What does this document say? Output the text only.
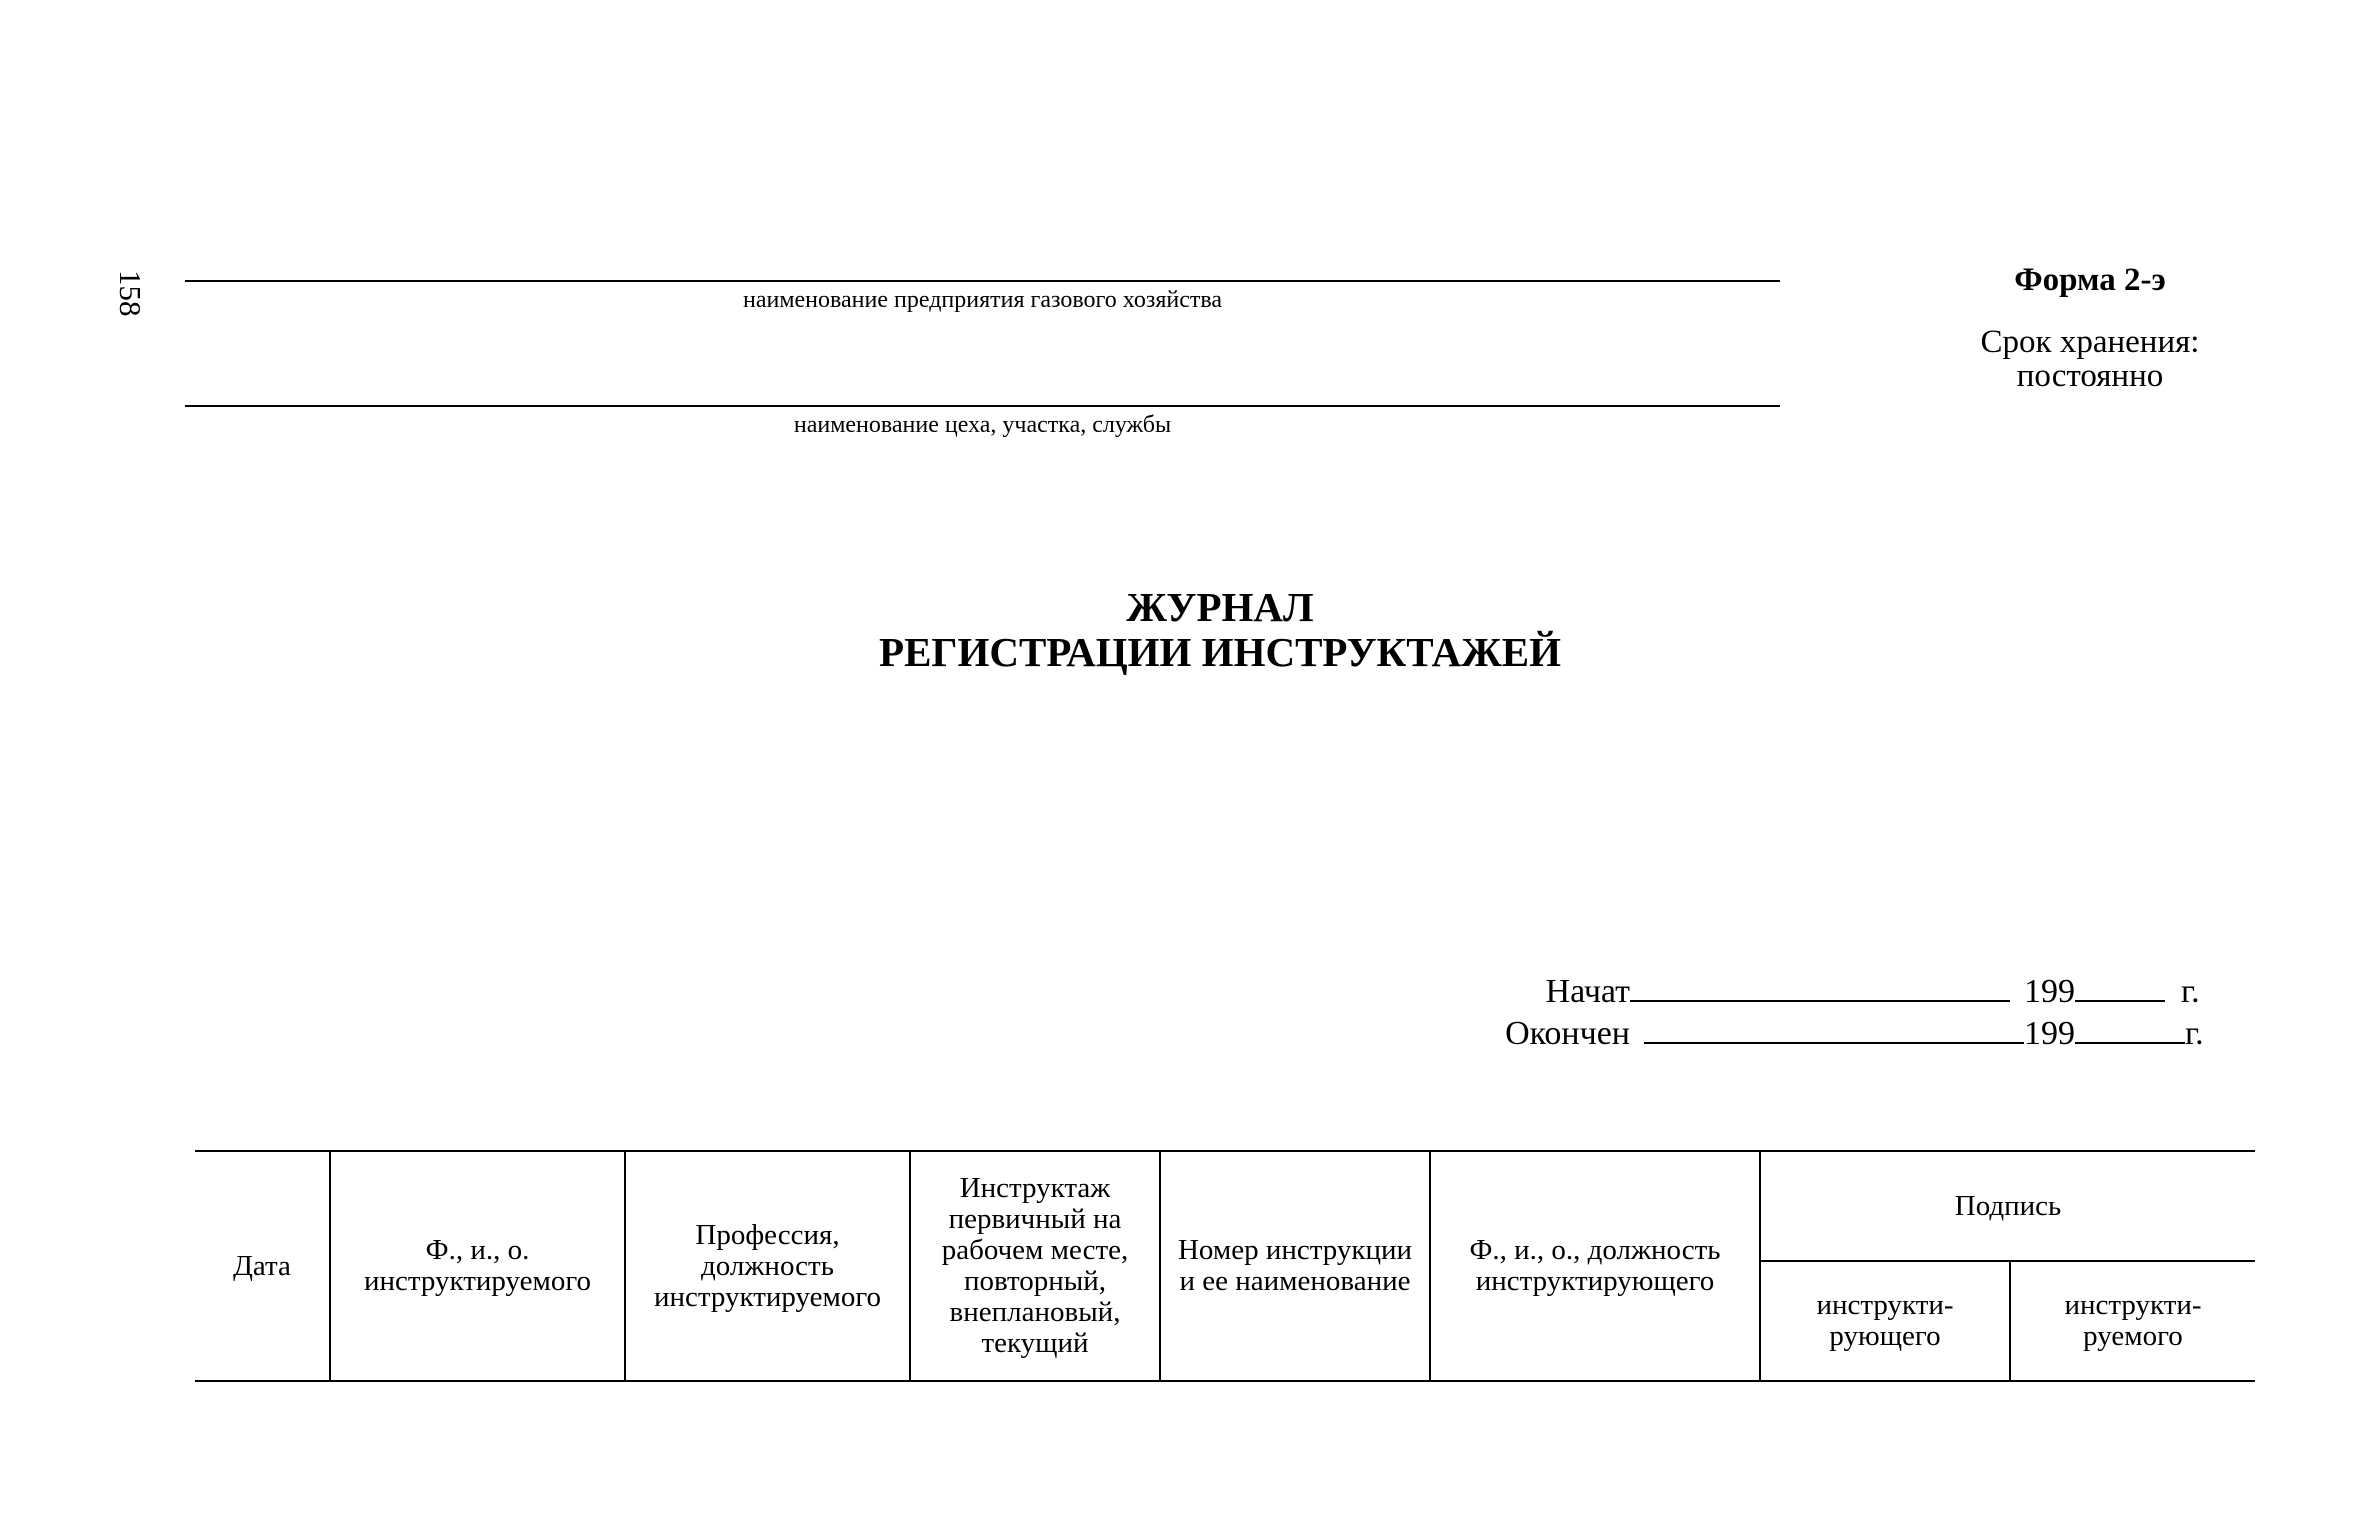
158	наименование предприятия газового хозяйства
наименование цеха, участка, службы
Форма 2-э
Срок хранения:
постоянно
ЖУРНАЛ
РЕГИСТРАЦИИ ИНСТРУКТАЖЕЙ
Начат	199	г.
Окончен	199	г.
Дата	Ф., и., о. инструктируемого	Профессия, должность инструктируемого	Инструктаж первичный на рабочем месте, повторный, внеплановый, текущий	Номер инструкции и ее наименование	Ф., и., о., должность инструктирующего	Подпись	
						инструкти-рующего	инструкти-руемого
